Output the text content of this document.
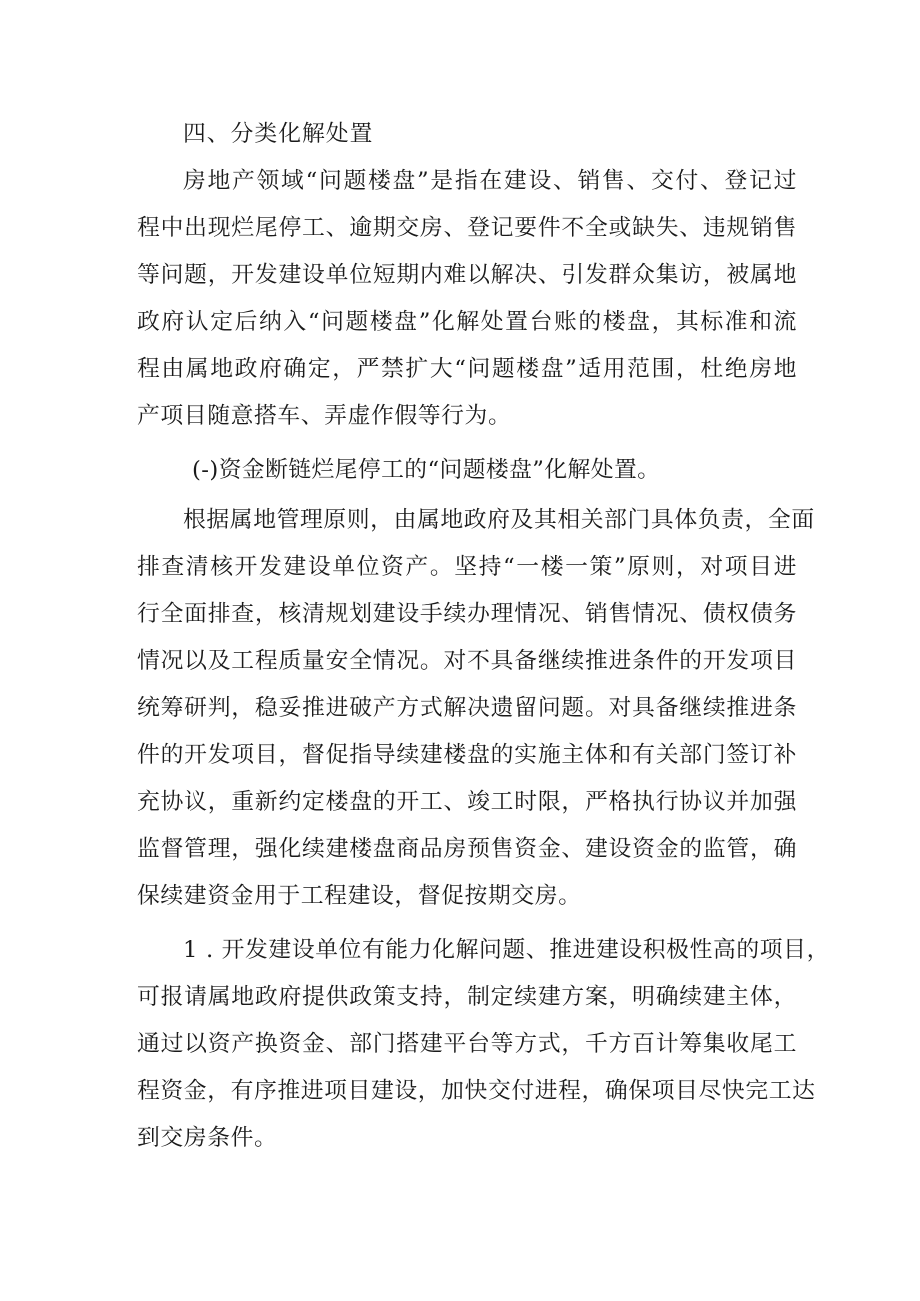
四、分类化解处置
房地产领域“问题楼盘”是指在建设、销售、交付、登记过
程中出现烂尾停工、逾期交房、登记要件不全或缺失、违规销售
等问题，开发建设单位短期内难以解决、引发群众集访，被属地
政府认定后纳入“问题楼盘”化解处置台账的楼盘，其标准和流
程由属地政府确定，严禁扩大“问题楼盘”适用范围，杜绝房地
产项目随意搭车、弄虚作假等行为。
(-)资金断链烂尾停工的“问题楼盘”化解处置。
根据属地管理原则，由属地政府及其相关部门具体负责，全面
排查清核开发建设单位资产。坚持“一楼一策”原则，对项目进
行全面排查，核清规划建设手续办理情况、销售情况、债权债务
情况以及工程质量安全情况。对不具备继续推进条件的开发项目
统筹研判，稳妥推进破产方式解决遗留问题。对具备继续推进条
件的开发项目，督促指导续建楼盘的实施主体和有关部门签订补
充协议，重新约定楼盘的开工、竣工时限，严格执行协议并加强
监督管理，强化续建楼盘商品房预售资金、建设资金的监管，确
保续建资金用于工程建设，督促按期交房。
1 . 开发建设单位有能力化解问题、推进建设积极性高的项目，
可报请属地政府提供政策支持，制定续建方案，明确续建主体，
通过以资产换资金、部门搭建平台等方式，千方百计筹集收尾工
程资金，有序推进项目建设，加快交付进程，确保项目尽快完工达
到交房条件。
